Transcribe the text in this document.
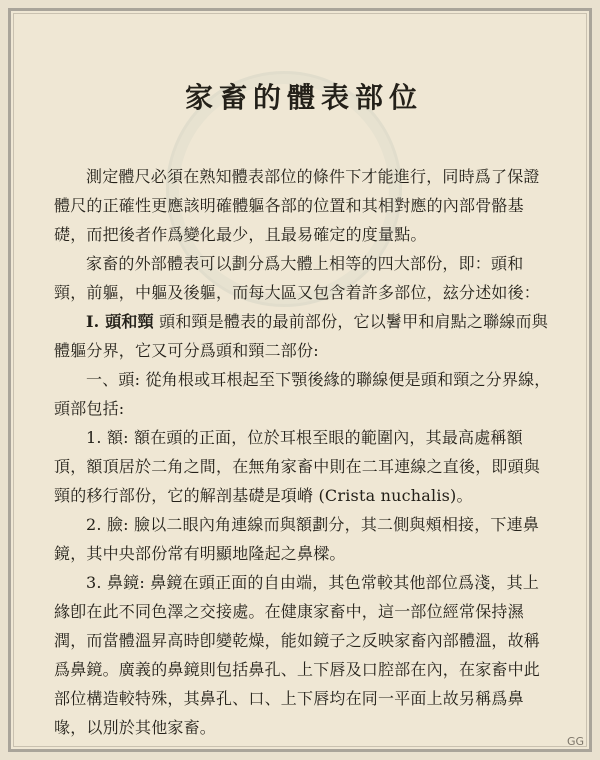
家畜的體表部位

測定體尺必須在熟知體表部位的條件下才能進行，同時爲了保證體尺的正確性更應該明確體軀各部的位置和其相對應的內部骨骼基礎，而把後者作爲變化最少，且最易確定的度量點。

家畜的外部體表可以劃分爲大體上相等的四大部份，即：頭和頸，前軀，中軀及後軀，而每大區又包含着許多部位，玆分述如後：

Ⅰ. 頭和頸 頭和頸是體表的最前部份，它以鬐甲和肩點之聯線而與體軀分界，它又可分爲頭和頸二部份:

一、頭: 從角根或耳根起至下顎後緣的聯線便是頭和頸之分界線，頭部包括:

1. 額: 額在頭的正面，位於耳根至眼的範圍內，其最高處稱額頂，額頂居於二角之間，在無角家畜中則在二耳連線之直後，即頭與頸的移行部份，它的解剖基礎是項嵴 (Crista nuchalis)。

2. 臉: 臉以二眼內角連線而與額劃分，其二側與頰相接，下連鼻鏡，其中央部份常有明顯地隆起之鼻樑。

3. 鼻鏡: 鼻鏡在頭正面的自由端，其色常較其他部位爲淺，其上緣卽在此不同色澤之交接處。在健康家畜中，這一部位經常保持濕潤，而當體溫昇高時卽變乾燥，能如鏡子之反映家畜內部體溫，故稱爲鼻鏡。廣義的鼻鏡則包括鼻孔、上下唇及口腔部在內，在家畜中此部位構造較特殊，其鼻孔、口、上下唇均在同一平面上故另稱爲鼻喙，以別於其他家畜。

GG
